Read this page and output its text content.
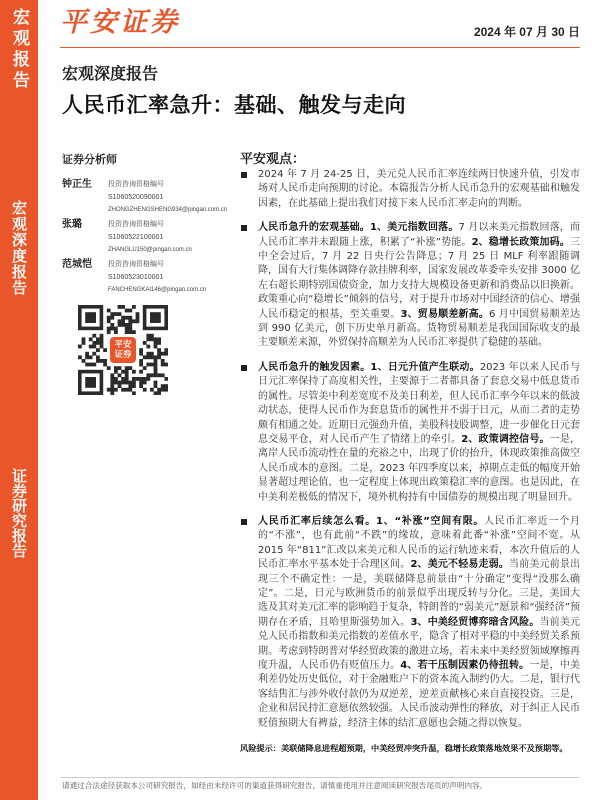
宏观报告
宏观深度报告
证券研究报告
平安证券	2024 年 07 月 30 日
宏观深度报告
人民币汇率急升：基础、触发与走向
证券分析师
钟正生 投资咨询资格编号
S1060520090001
ZHONGZHENGSHENG934@pingan.com.cn
张璐	投资咨询资格编号
S1060522100001
ZHANGLU150@pingan.com.cn
范城恺 投资咨询资格编号
S1060523010001
FANCHENGKAI146@pingan.com.cn
平安证券
平安观点：
2024 年 7 月 24-25 日，美元兑人民币汇率连续两日快速升值，引发市场对人民币走向预期的讨论。本篇报告分析人民币急升的宏观基础和触发因素，在此基础上提出我们对接下来人民币汇率走向的判断。
人民币急升的宏观基础。1、美元指数回落。7 月以来美元指数回落，而人民币汇率并未跟随上涨，积累了“补涨”势能。2、稳增长政策加码。三中全会过后，7 月 22 日央行公告降息；7 月 25 日 MLF 利率跟随调降，国有大行集体调降存款挂牌利率，国家发展改革委牵头安排 3000 亿左右超长期特别国债资金，加力支持大规模设备更新和消费品以旧换新。政策重心向“稳增长”倾斜的信号，对于提升市场对中国经济的信心、增强人民币稳定的根基，至关重要。3、贸易顺差新高。6 月中国贸易顺差达到 990 亿美元，创下历史单月新高。货物贸易顺差是我国国际收支的最主要顺差来源，外贸保持高顺差为人民币汇率提供了稳健的基础。
人民币急升的触发因素。1、日元升值产生联动。2023 年以来人民币与日元汇率保持了高度相关性，主要源于二者都具备了套息交易中低息货币的属性。尽管美中利差宽度不及美日利差，但人民币汇率今年以来的低波动状态，使得人民币作为套息货币的属性并不弱于日元，从而二者的走势颇有相通之处。近期日元强劲升值，美股科技股调整，进一步催化日元套息交易平仓，对人民币产生了情绪上的牵引。2、政策调控信号。一是，离岸人民币流动性在量的充裕之中，出现了价的抬升，体现政策推高做空人民币成本的意图。二是，2023 年四季度以来，掉期点走低的幅度开始显著超过理论值，也一定程度上体现出政策稳汇率的意图。也是因此，在中美利差极低的情况下，境外机构持有中国债券的规模出现了明显回升。
人民币汇率后续怎么看。1、“补涨”空间有限。人民币汇率近一个月的“不涨”，也有此前“不跌”的缘故，意味着此番“补涨”空间不宽。从 2015 年“811”汇改以来美元和人民币的运行轨迹来看，本次升值后的人民币汇率水平基本处于合理区间。2、美元不轻易走弱。当前美元前景出现三个不确定性：一是，美联储降息前景由“十分确定”变得“没那么确定”。二是，日元与欧洲货币的前景似乎出现反转与分化。三是，美国大选及其对美元汇率的影响趋于复杂，特朗普的“弱美元”愿景和“强经济”预期存在矛盾，且哈里斯强势加入。3、中美经贸博弈暗含风险。当前美元兑人民币指数和美元指数的差值水平，隐含了相对平稳的中美经贸关系预期。考虑到特朗普对华经贸政策的激进立场，若未来中美经贸领域摩擦再度升温，人民币仍有贬值压力。4、若干压制因素仍待扭转。一是，中美利差仍处历史低位，对于金融账户下的资本流入制约仍大。二是，银行代客结售汇与涉外收付款仍为双逆差，逆差贡献核心来自直接投资。三是，企业和居民持汇意愿依然较强。人民币波动弹性的释放，对于纠正人民币贬值预期大有裨益，经济主体的结汇意愿也会随之得以恢复。
风险提示：美联储降息进程超预期，中美经贸冲突升温，稳增长政策落地效果不及预期等。
请通过合法途径获取本公司研究报告，如经由未经许可的渠道获得研究报告，请慎重使用并注意阅读研究报告尾页的声明内容。
